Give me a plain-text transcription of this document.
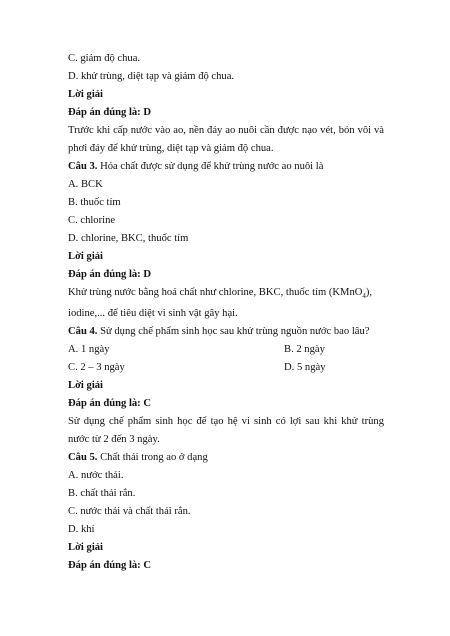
C. giảm độ chua.

D. khử trùng, diệt tạp và giảm độ chua.

Lời giải

Đáp án đúng là: D

Trước khi cấp nước vào ao, nền đáy ao nuôi cần được nạo vét, bón vôi và phơi đáy để khử trùng, diệt tạp và giảm độ chua.

Câu 3. Hóa chất được sử dụng để khử trùng nước ao nuôi là

A. BCK

B. thuốc tím

C. chlorine

D. chlorine, BKC, thuốc tím

Lời giải

Đáp án đúng là: D

Khử trùng nước bằng hoá chất như chlorine, BKC, thuốc tím (KMnO$_4$),

iodine,... để tiêu diệt vi sinh vật gây hại.

Câu 4. Sử dụng chế phẩm sinh học sau khử trùng nguồn nước bao lâu?

A. 1 ngày	B. 2 ngày
C. 2 – 3 ngày	D. 5 ngày

Lời giải

Đáp án đúng là: C

Sử dụng chế phẩm sinh học để tạo hệ vi sinh có lợi sau khi khử trùng nước từ 2 đến 3 ngày.

Câu 5. Chất thải trong ao ở dạng

A. nước thải.

B. chất thải rắn.

C. nước thải và chất thải rắn.

D. khí

Lời giải

Đáp án đúng là: C
